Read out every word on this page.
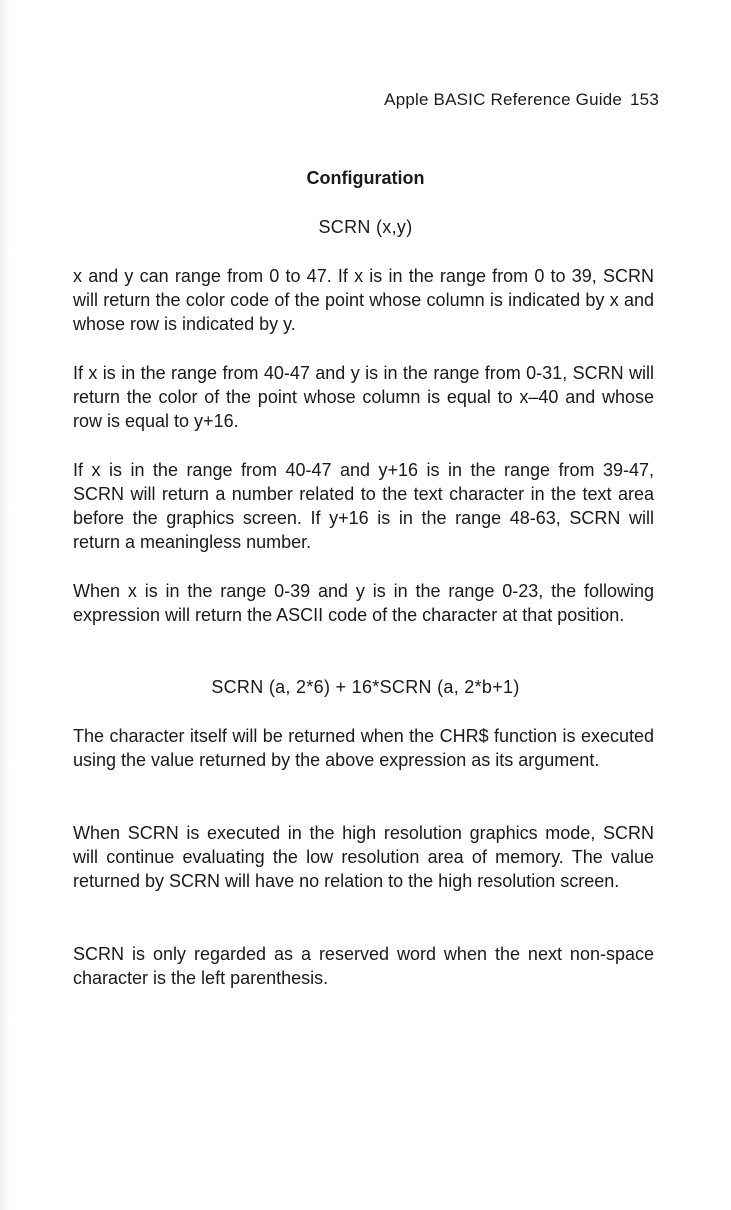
Apple BASIC Reference Guide 153
Configuration
SCRN (x,y)

x and y can range from 0 to 47. If x is in the range from 0 to 39, SCRN will return the color code of the point whose column is indicated by x and whose row is indicated by y.

If x is in the range from 40-47 and y is in the range from 0-31, SCRN will return the color of the point whose column is equal to x–40 and whose row is equal to y+16.

If x is in the range from 40-47 and y+16 is in the range from 39-47, SCRN will return a number related to the text character in the text area before the graphics screen. If y+16 is in the range 48-63, SCRN will return a meaningless number.

When x is in the range 0-39 and y is in the range 0-23, the following expression will return the ASCII code of the character at that position.

SCRN (a, 2*6) + 16*SCRN (a, 2*b+1)

The character itself will be returned when the CHR$ function is executed using the value returned by the above expression as its argument.

When SCRN is executed in the high resolution graphics mode, SCRN will continue evaluating the low resolution area of memory. The value returned by SCRN will have no relation to the high resolution screen.

SCRN is only regarded as a reserved word when the next non-space character is the left parenthesis.
